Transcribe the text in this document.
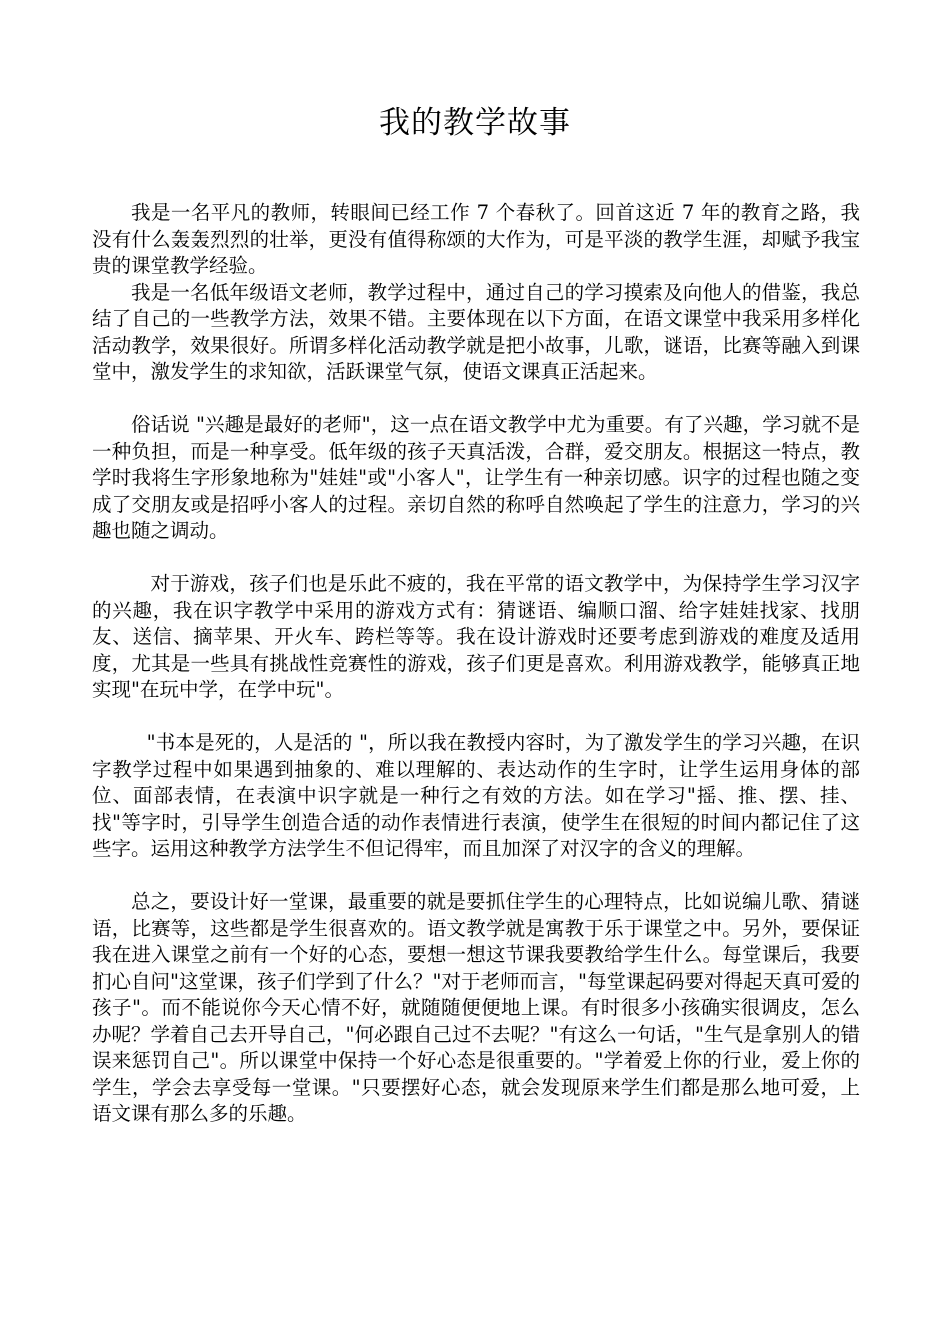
我的教学故事

我是一名平凡的教师，转眼间已经工作 7 个春秋了。回首这近 7 年的教育之路，我没有什么轰轰烈烈的壮举，更没有值得称颂的大作为，可是平淡的教学生涯，却赋予我宝贵的课堂教学经验。

我是一名低年级语文老师，教学过程中，通过自己的学习摸索及向他人的借鉴，我总结了自己的一些教学方法，效果不错。主要体现在以下方面，在语文课堂中我采用多样化活动教学，效果很好。所谓多样化活动教学就是把小故事，儿歌，谜语，比赛等融入到课堂中，激发学生的求知欲，活跃课堂气氛，使语文课真正活起来。

俗话说 "兴趣是最好的老师"，这一点在语文教学中尤为重要。有了兴趣，学习就不是一种负担，而是一种享受。低年级的孩子天真活泼，合群，爱交朋友。根据这一特点，教学时我将生字形象地称为"娃娃"或"小客人"，让学生有一种亲切感。识字的过程也随之变成了交朋友或是招呼小客人的过程。亲切自然的称呼自然唤起了学生的注意力，学习的兴趣也随之调动。

对于游戏，孩子们也是乐此不疲的，我在平常的语文教学中，为保持学生学习汉字的兴趣，我在识字教学中采用的游戏方式有：猜谜语、编顺口溜、给字娃娃找家、找朋友、送信、摘苹果、开火车、跨栏等等。我在设计游戏时还要考虑到游戏的难度及适用度，尤其是一些具有挑战性竞赛性的游戏，孩子们更是喜欢。利用游戏教学，能够真正地实现"在玩中学，在学中玩"。

"书本是死的，人是活的 "，所以我在教授内容时，为了激发学生的学习兴趣，在识字教学过程中如果遇到抽象的、难以理解的、表达动作的生字时，让学生运用身体的部位、面部表情，在表演中识字就是一种行之有效的方法。如在学习"摇、推、摆、挂、找"等字时，引导学生创造合适的动作表情进行表演，使学生在很短的时间内都记住了这些字。运用这种教学方法学生不但记得牢，而且加深了对汉字的含义的理解。

总之，要设计好一堂课，最重要的就是要抓住学生的心理特点，比如说编儿歌、猜谜语，比赛等，这些都是学生很喜欢的。语文教学就是寓教于乐于课堂之中。另外，要保证我在进入课堂之前有一个好的心态，要想一想这节课我要教给学生什么。每堂课后，我要扪心自问"这堂课，孩子们学到了什么？"对于老师而言，"每堂课起码要对得起天真可爱的孩子"。而不能说你今天心情不好，就随随便便地上课。有时很多小孩确实很调皮，怎么办呢？学着自己去开导自己，"何必跟自己过不去呢？"有这么一句话，"生气是拿别人的错误来惩罚自己"。所以课堂中保持一个好心态是很重要的。"学着爱上你的行业，爱上你的学生，学会去享受每一堂课。"只要摆好心态，就会发现原来学生们都是那么地可爱，上语文课有那么多的乐趣。
